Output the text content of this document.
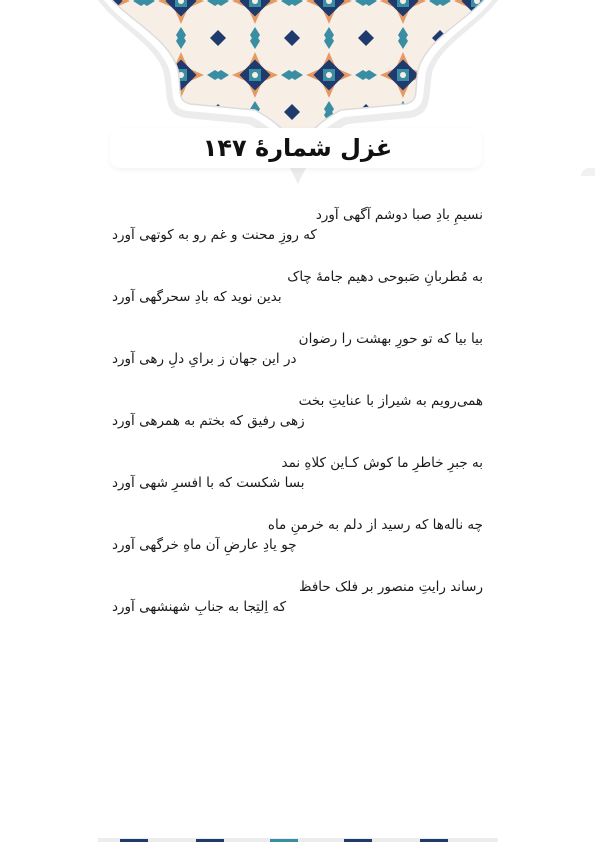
غزل شمارهٔ ۱۴۷
نسیمِ بادِ صبا دوشم آگهی آورد
که روزِ محنت و غم رو به کوتهی آورد
به مُطربانِ صَبوحی دهیم جامهٔ چاک
بدین نوید که بادِ سحرگهی آورد
بیا بیا که تو حورِ بهشت را رضوان
در این جهان ز برایِ دلِ رهی آورد
همی‌رویم به شیراز با عنایتِ بخت
زهی رفیق که بختم به همرهی آورد
به جبرِ خاطرِ ما کوش کـاین کلاهِ نمد
بسا شکست که با افسرِ شهی آورد
چه ناله‌ها که رسید از دلم به خرمنِ ماه
چو یادِ عارضِ آن ماهِ خرگهی آورد
رساند رایتِ منصور بر فلک حافظ
که اِلتِجا به جنابِ شهنشهی آورد
